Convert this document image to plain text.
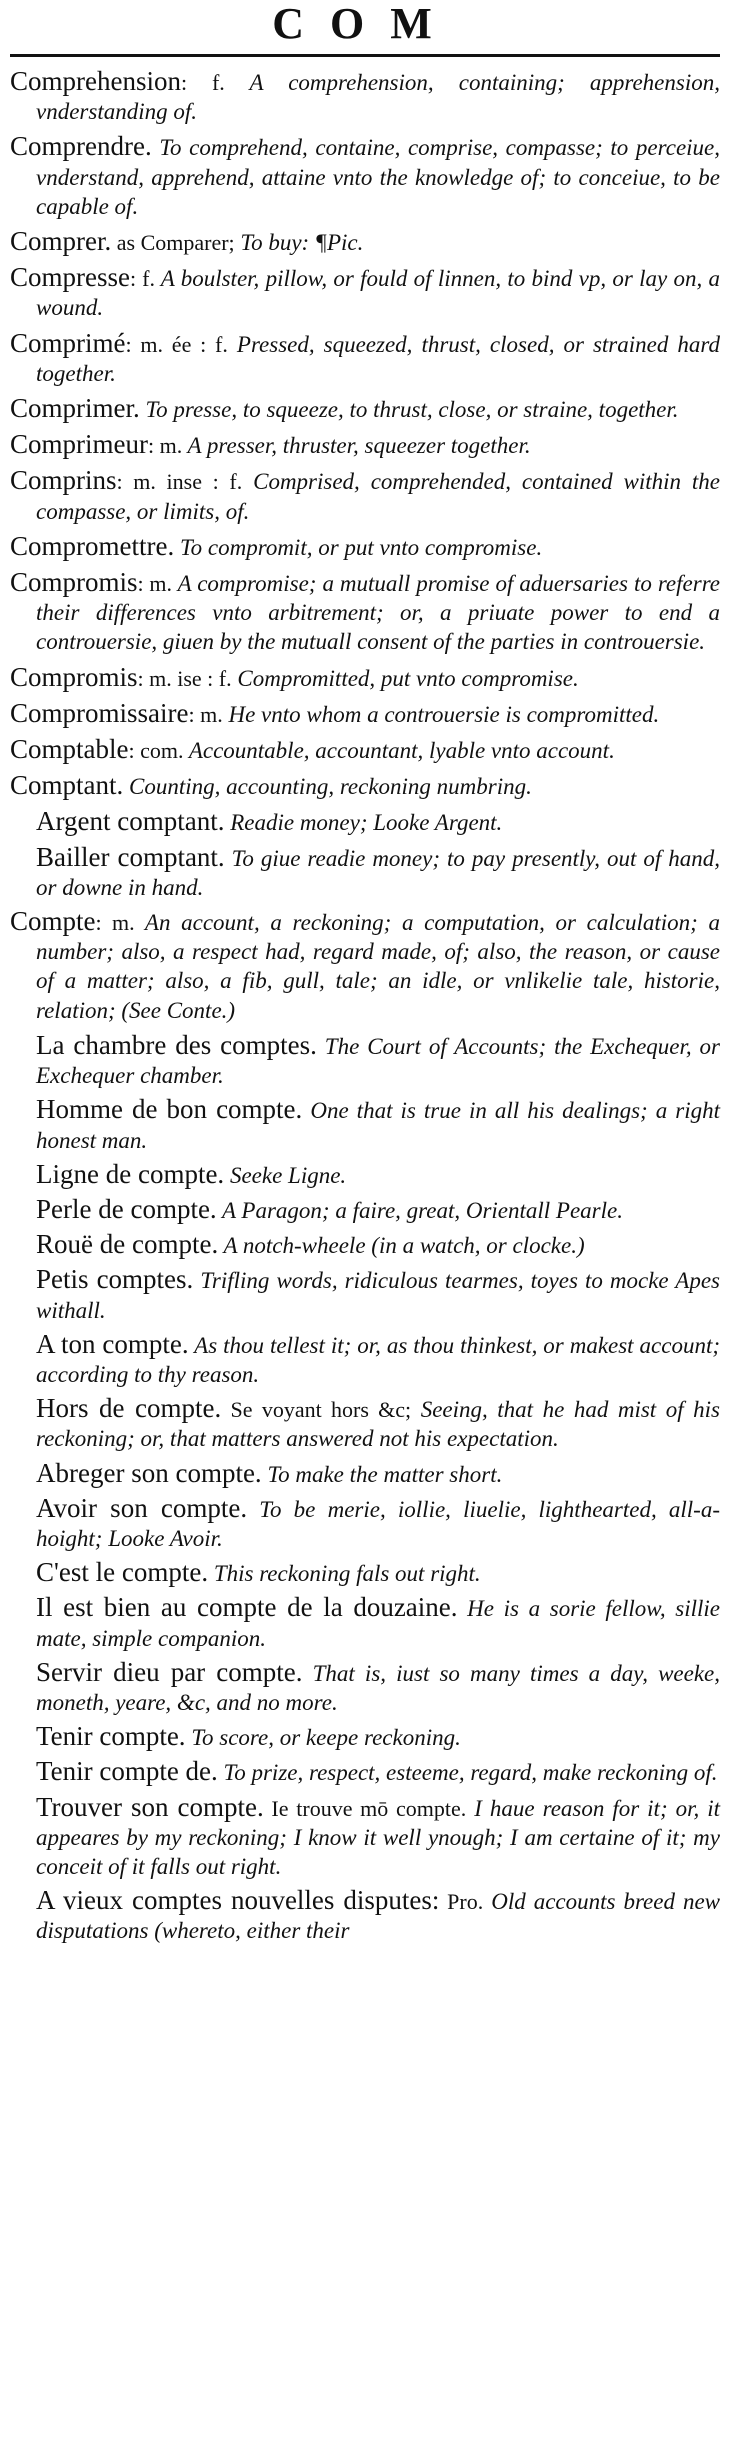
COM

Comprehension: f. A comprehension, containing; apprehension, vnderstanding of.

Comprendre. To comprehend, containe, comprise, compasse; to perceiue, vnderstand, apprehend, attaine vnto the knowledge of; to conceiue, to be capable of.

Comprer. as Comparer; To buy: ¶Pic.

Compresse: f. A boulster, pillow, or fould of linnen, to bind vp, or lay on, a wound.

Comprimé: m. ée : f. Pressed, squeezed, thrust, closed, or strained hard together.

Comprimer. To presse, to squeeze, to thrust, close, or straine, together.

Comprimeur: m. A presser, thruster, squeezer together.

Comprins: m. inse : f. Comprised, comprehended, contained within the compasse, or limits, of.

Compromettre. To compromit, or put vnto compromise.

Compromis: m. A compromise; a mutuall promise of aduersaries to referre their differences vnto arbitrement; or, a priuate power to end a controuersie, giuen by the mutuall consent of the parties in controuersie.

Compromis: m. ise : f. Compromitted, put vnto compromise.

Compromissaire: m. He vnto whom a controuersie is compromitted.

Comptable: com. Accountable, accountant, lyable vnto account.

Comptant. Counting, accounting, reckoning numbring.

Argent comptant. Readie money; Looke Argent.

Bailler comptant. To giue readie money; to pay presently, out of hand, or downe in hand.

Compte: m. An account, a reckoning; a computation, or calculation; a number; also, a respect had, regard made, of; also, the reason, or cause of a matter; also, a fib, gull, tale; an idle, or vnlikelie tale, historie, relation; (See Conte.)

La chambre des comptes. The Court of Accounts; the Exchequer, or Exchequer chamber.

Homme de bon compte. One that is true in all his dealings; a right honest man.

Ligne de compte. Seeke Ligne.

Perle de compte. A Paragon; a faire, great, Orientall Pearle.

Rouë de compte. A notch-wheele (in a watch, or clocke.)

Petis comptes. Trifling words, ridiculous tearmes, toyes to mocke Apes withall.

A ton compte. As thou tellest it; or, as thou thinkest, or makest account; according to thy reason.

Hors de compte. Se voyant hors &c; Seeing, that he had mist of his reckoning; or, that matters answered not his expectation.

Abreger son compte. To make the matter short.

Avoir son compte. To be merie, iollie, liuelie, lighthearted, all-a-hoight; Looke Avoir.

C'est le compte. This reckoning fals out right.

Il est bien au compte de la douzaine. He is a sorie fellow, sillie mate, simple companion.

Servir dieu par compte. That is, iust so many times a day, weeke, moneth, yeare, &c, and no more.

Tenir compte. To score, or keepe reckoning.

Tenir compte de. To prize, respect, esteeme, regard, make reckoning of.

Trouver son compte. Ie trouve mō compte. I haue reason for it; or, it appeares by my reckoning; I know it well ynough; I am certaine of it; my conceit of it falls out right.

A vieux comptes nouvelles disputes: Pro. Old accounts breed new disputations (whereto, either their
